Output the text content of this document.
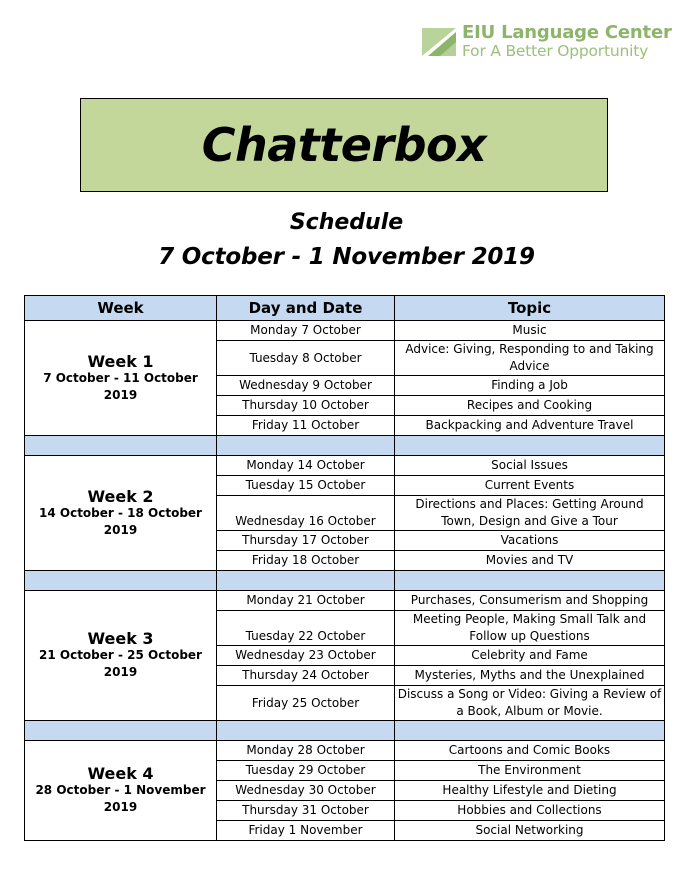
EIU Language Center
For A Better Opportunity
Chatterbox
Schedule
7 October - 1 November 2019
Week	Day and Date	Topic

Week 1
7 October - 11 October 2019	Monday 7 October	Music
	Tuesday 8 October	Advice: Giving, Responding to and Taking Advice
	Wednesday 9 October	Finding a Job
	Thursday 10 October	Recipes and Cooking
	Friday 11 October	Backpacking and Adventure Travel

Week 2
14 October - 18 October 2019	Monday 14 October	Social Issues
	Tuesday 15 October	Current Events
	Wednesday 16 October	Directions and Places: Getting Around Town, Design and Give a Tour
	Thursday 17 October	Vacations
	Friday 18 October	Movies and TV

Week 3
21 October - 25 October 2019	Monday 21 October	Purchases, Consumerism and Shopping
	Tuesday 22 October	Meeting People, Making Small Talk and Follow up Questions
	Wednesday 23 October	Celebrity and Fame
	Thursday 24 October	Mysteries, Myths and the Unexplained
	Friday 25 October	Discuss a Song or Video: Giving a Review of a Book, Album or Movie.

Week 4
28 October - 1 November 2019	Monday 28 October	Cartoons and Comic Books
	Tuesday 29 October	The Environment
	Wednesday 30 October	Healthy Lifestyle and Dieting
	Thursday 31 October	Hobbies and Collections
	Friday 1 November	Social Networking
